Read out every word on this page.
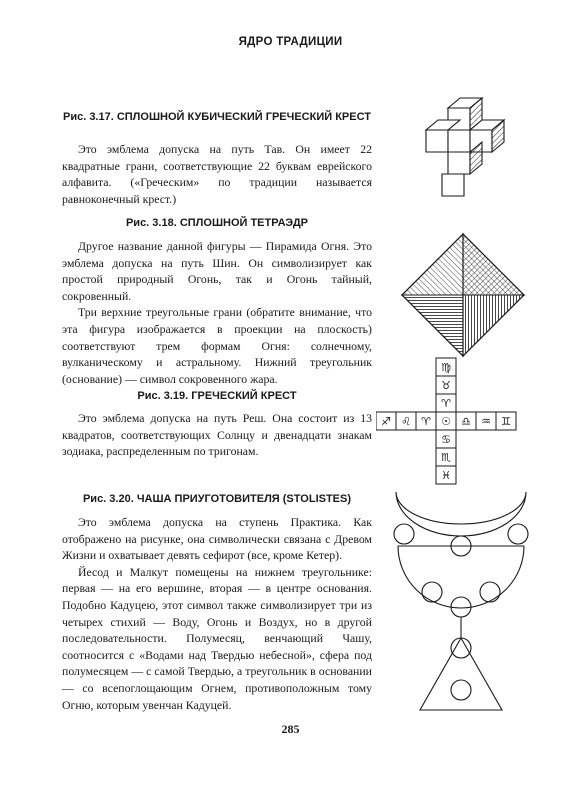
ЯДРО ТРАДИЦИИ
Рис. 3.17. СПЛОШНОЙ КУБИЧЕСКИЙ ГРЕЧЕСКИЙ КРЕСТ

Это эмблема допуска на путь Тав. Он имеет 22 квадратные грани, соответствующие 22 буквам еврейского алфавита. («Греческим» по традиции называется равноконечный крест.)

Рис. 3.18. СПЛОШНОЙ ТЕТРАЭДР

Другое название данной фигуры — Пирамида Огня. Это эмблема допуска на путь Шин. Он символизирует как простой природный Огонь, так и Огонь тайный, сокровенный.

Три верхние треугольные грани (обратите внимание, что эта фигура изображается в проекции на плоскость) соответствуют трем формам Огня: солнечному, вулканическому и астральному. Нижний треугольник (основание) — символ сокровенного жара.

Рис. 3.19. ГРЕЧЕСКИЙ КРЕСТ

Это эмблема допуска на путь Реш. Она состоит из 13 квадратов, соответствующих Солнцу и двенадцати знакам зодиака, распределенным по тригонам.

Рис. 3.20. ЧАША ПРИУГОТОВИТЕЛЯ (STOLISTES)

Это эмблема допуска на ступень Практика. Как отображено на рисунке, она символически связана с Древом Жизни и охватывает девять сефирот (все, кроме Кетер).

Йесод и Малкут помещены на нижнем треугольнике: первая — на его вершине, вторая — в центре основания. Подобно Кадуцею, этот символ также символизирует три из четырех стихий — Воду, Огонь и Воздух, но в другой последовательности. Полумесяц, венчающий Чашу, соотносится с «Водами над Твердью небесной», сфера под полумесяцем — с самой Твердью, а треугольник в основании — со всепоглощающим Огнем, противоположным тому Огню, которым увенчан Кадуцей.

285
♍
♉
♈
♐ ♌ ♈ ☉ ♎ ♒ ♊
♋
♏
♓
